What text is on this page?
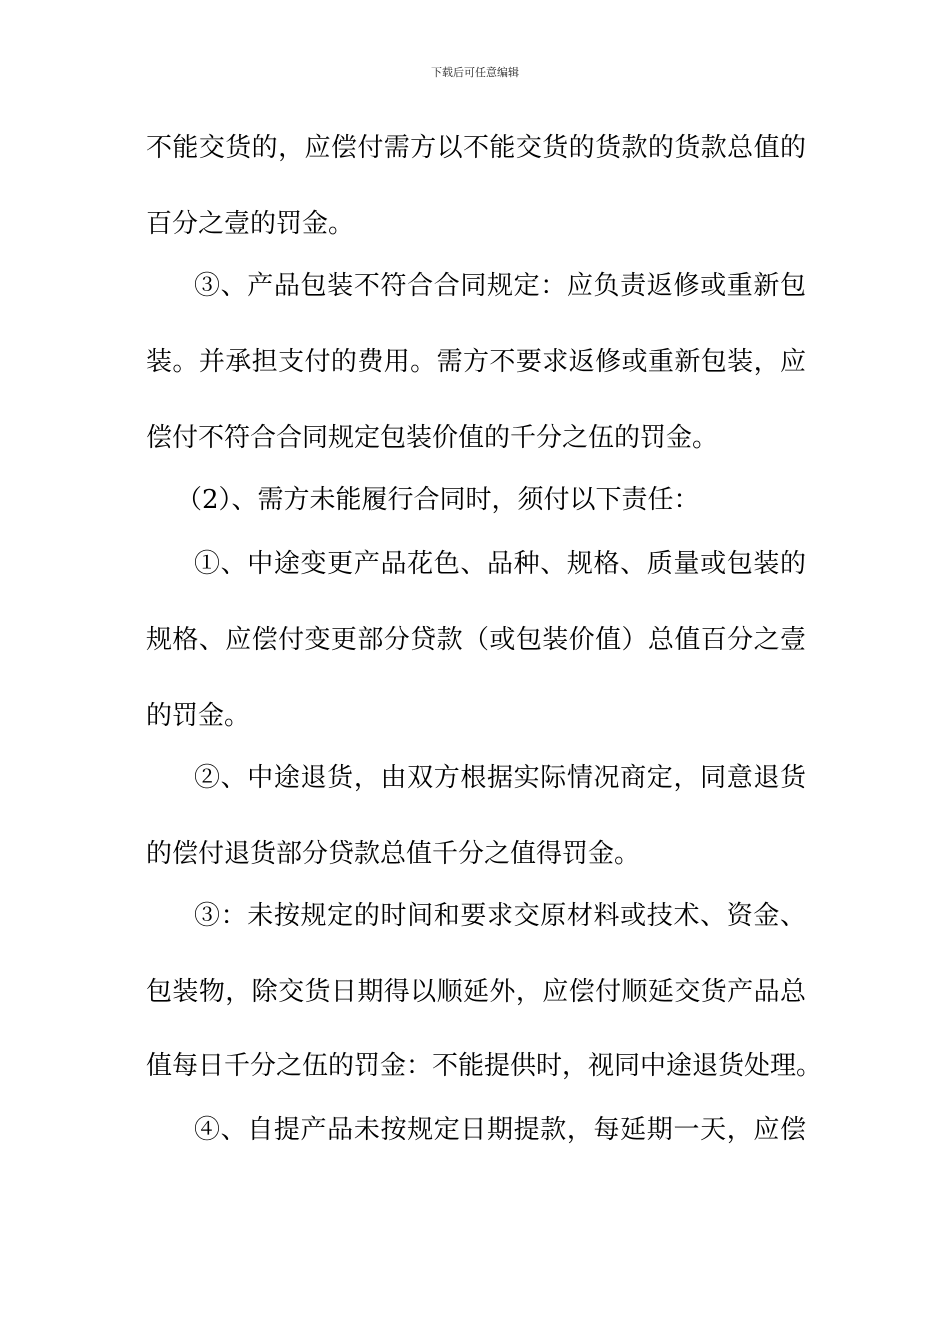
下载后可任意编辑
不能交货的，应偿付需方以不能交货的货款的货款总值的
百分之壹的罚金。
③、产品包装不符合合同规定：应负责返修或重新包
装。并承担支付的费用。需方不要求返修或重新包装，应
偿付不符合合同规定包装价值的千分之伍的罚金。
（2）、需方未能履行合同时，须付以下责任：
①、中途变更产品花色、品种、规格、质量或包装的
规格、应偿付变更部分贷款（或包装价值）总值百分之壹
的罚金。
②、中途退货，由双方根据实际情况商定，同意退货
的偿付退货部分贷款总值千分之值得罚金。
③：未按规定的时间和要求交原材料或技术、资金、
包装物，除交货日期得以顺延外，应偿付顺延交货产品总
值每日千分之伍的罚金：不能提供时，视同中途退货处理。
④、自提产品未按规定日期提款，每延期一天，应偿
